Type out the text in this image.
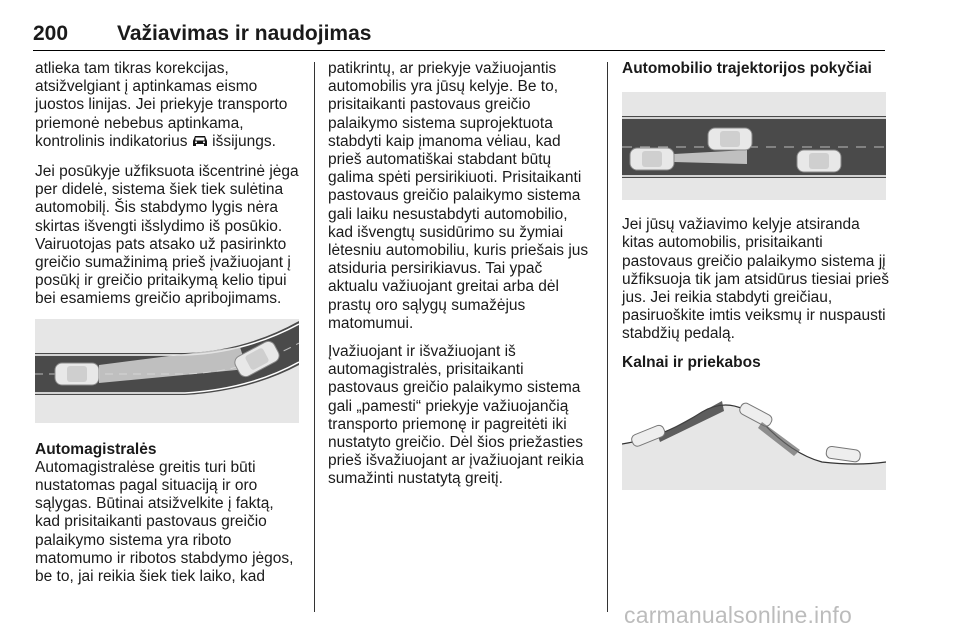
200 Važiavimas ir naudojimas

atlieka tam tikras korekcijas, atsižvelgiant į aptinkamas eismo juostos linijas. Jei priekyje transporto priemonė nebebus aptinkama, kontrolinis indikatorius išsijungs.

Jei posūkyje užfiksuota išcentrinė jėga per didelė, sistema šiek tiek sulėtina automobilį. Šis stabdymo lygis nėra skirtas išvengti išslydimo iš posūkio. Vairuotojas pats atsako už pasirinkto greičio sumažinimą prieš įvažiuojant į posūkį ir greičio pritaikymą kelio tipui bei esamiems greičio apribojimams.

Automagistralės

Automagistralėse greitis turi būti nustatomas pagal situaciją ir oro sąlygas. Būtinai atsižvelkite į faktą, kad prisitaikanti pastovaus greičio palaikymo sistema yra riboto matomumo ir ribotos stabdymo jėgos, be to, jai reikia šiek tiek laiko, kad

patikrintų, ar priekyje važiuojantis automobilis yra jūsų kelyje. Be to, prisitaikanti pastovaus greičio palaikymo sistema suprojektuota stabdyti kaip įmanoma vėliau, kad prieš automatiškai stabdant būtų galima spėti persirikiuoti. Prisitaikanti pastovaus greičio palaikymo sistema gali laiku nesustabdyti automobilio, kad išvengtų susidūrimo su žymiai lėtesniu automobiliu, kuris priešais jus atsiduria persirikiavus. Tai ypač aktualu važiuojant greitai arba dėl prastų oro sąlygų sumažėjus matomumui.

Įvažiuojant ir išvažiuojant iš automagistralės, prisitaikanti pastovaus greičio palaikymo sistema gali „pamesti“ priekyje važiuojančią transporto priemonę ir pagreitėti iki nustatyto greičio. Dėl šios priežasties prieš išvažiuojant ar įvažiuojant reikia sumažinti nustatytą greitį.

Automobilio trajektorijos pokyčiai

Jei jūsų važiavimo kelyje atsiranda kitas automobilis, prisitaikanti pastovaus greičio palaikymo sistema jį užfiksuoja tik jam atsidūrus tiesiai prieš jus. Jei reikia stabdyti greičiau, pasiruoškite imtis veiksmų ir nuspausti stabdžių pedalą.

Kalnai ir priekabos
carmanualsonline.info
